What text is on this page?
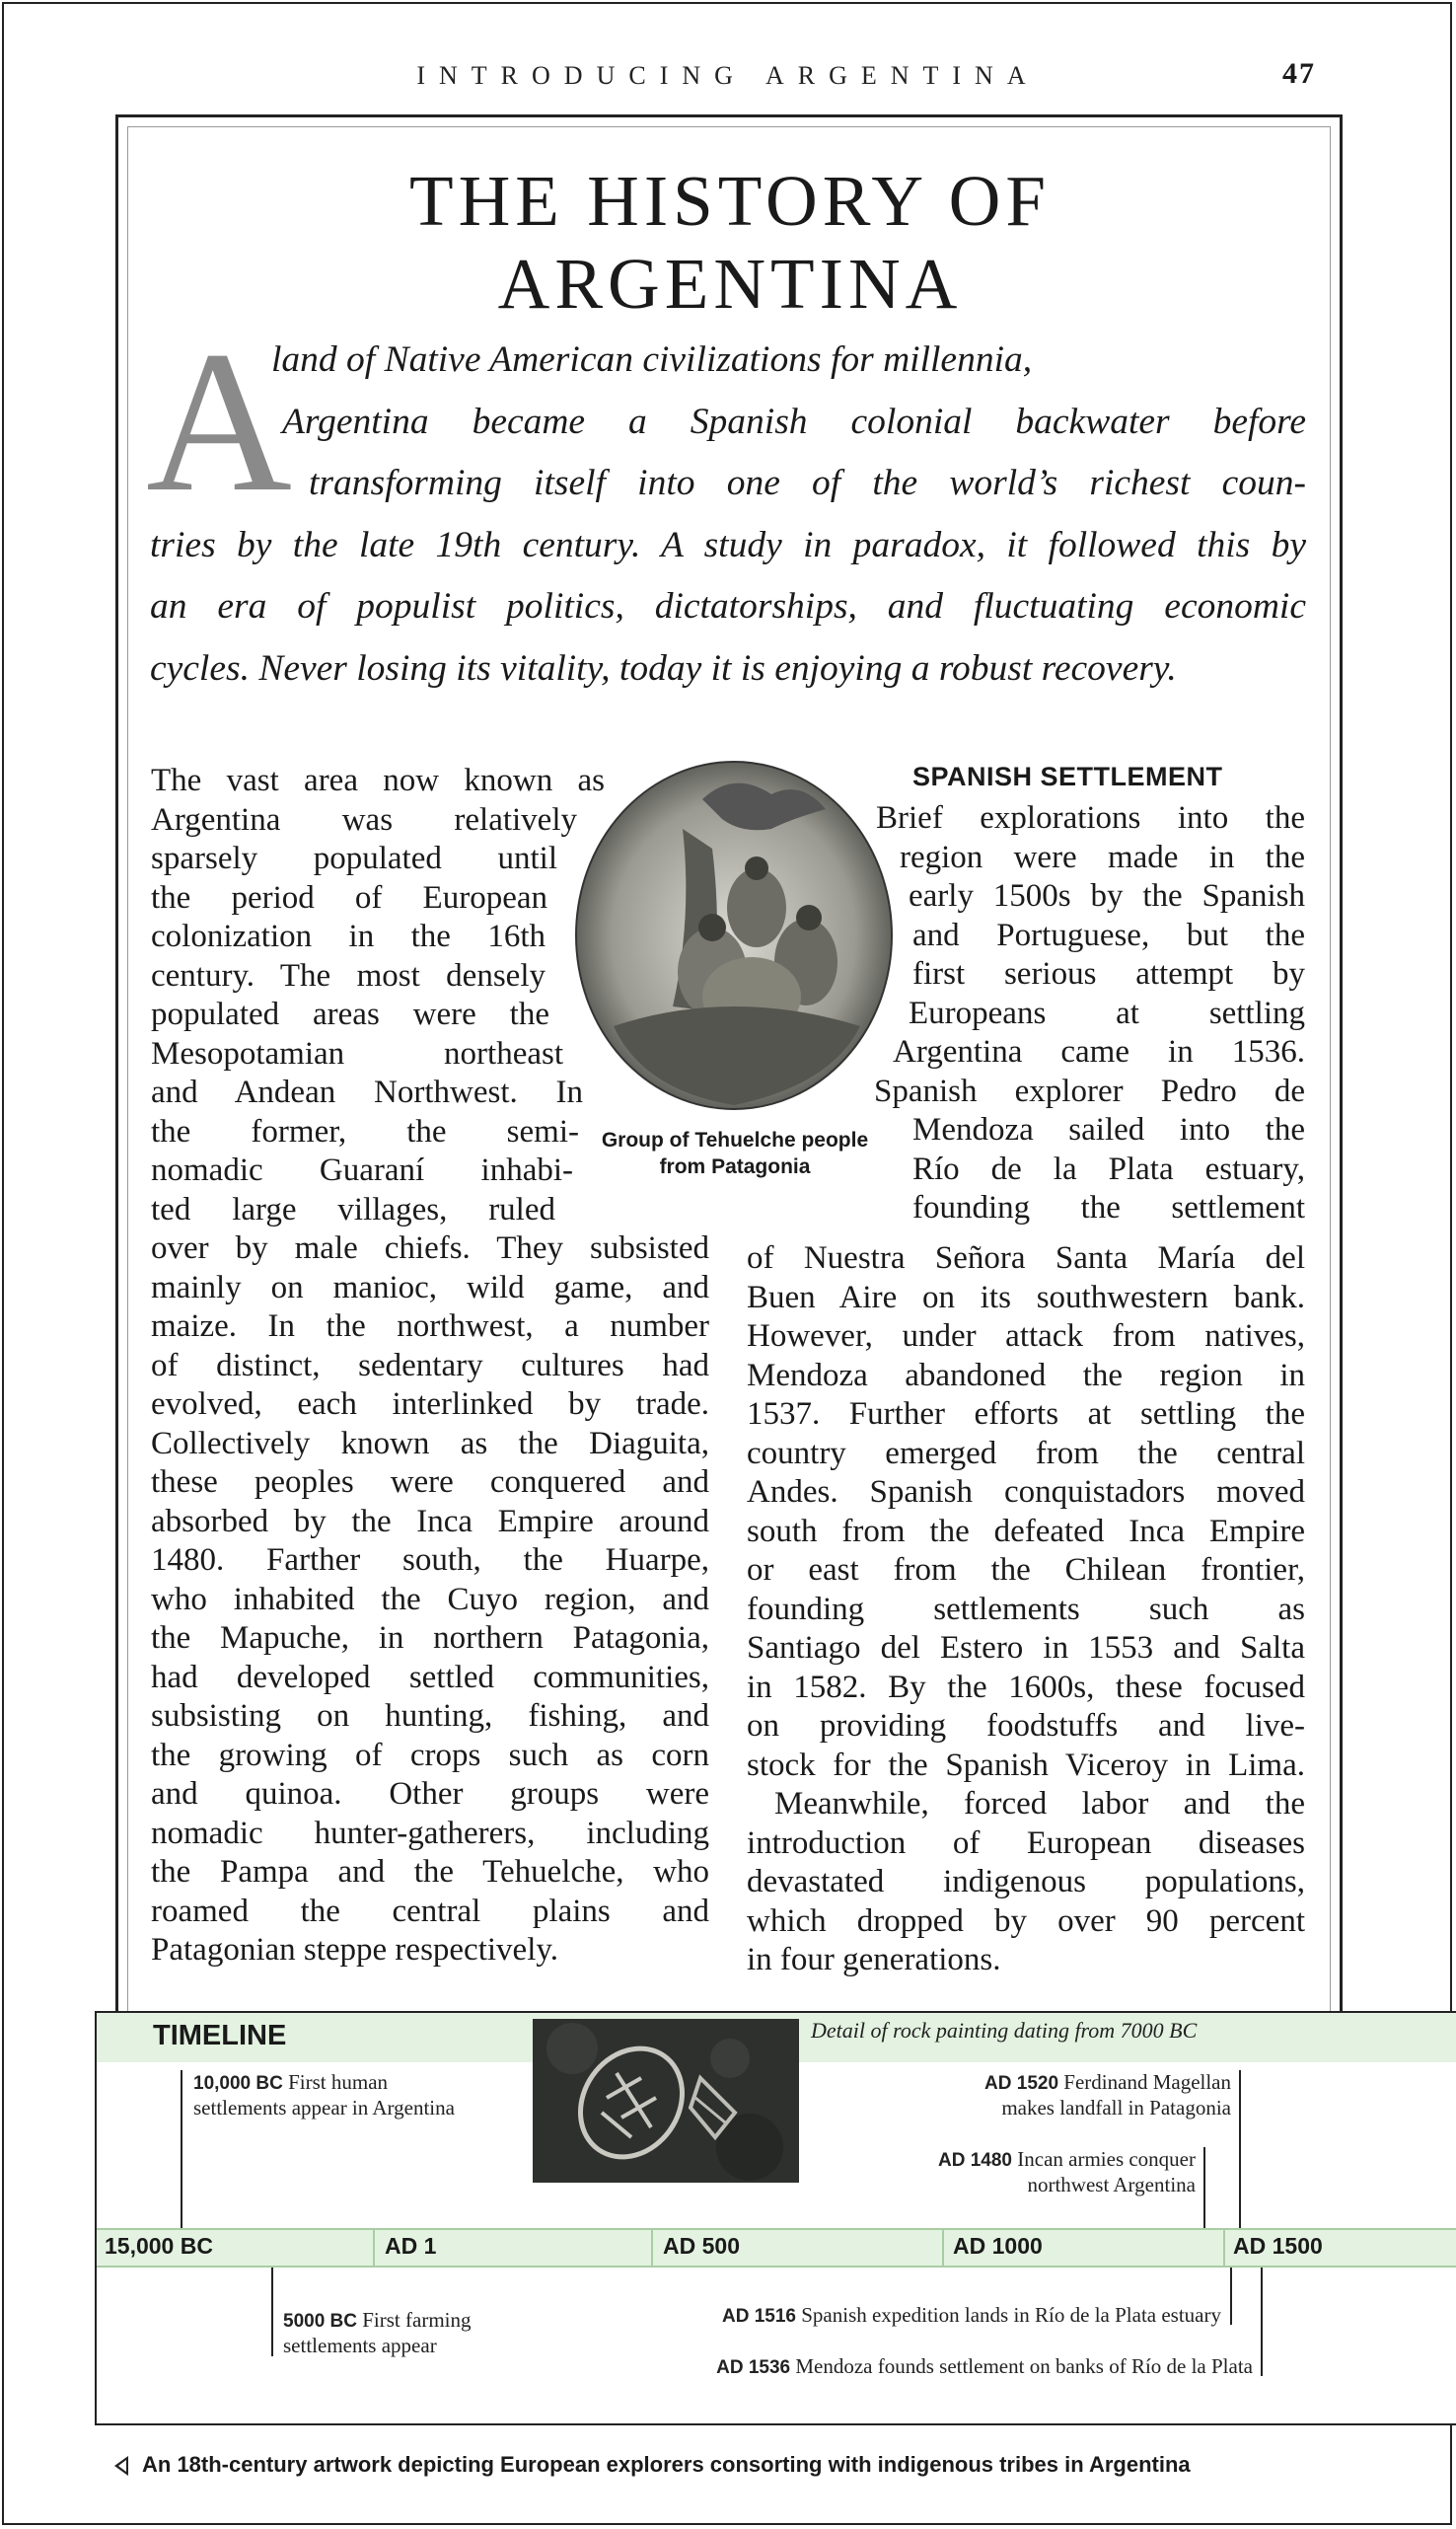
INTRODUCING ARGENTINA	47
THE HISTORY OF
ARGENTINA
A
land of Native American civilizations for millennia,
Argentina became a Spanish colonial backwater before
transforming itself into one of the world’s richest coun-
tries by the late 19th century. A study in paradox, it followed this by
an era of populist politics, dictatorships, and fluctuating economic
cycles. Never losing its vitality, today it is enjoying a robust recovery.
The vast area now known as
Argentina was relatively
sparsely populated until
the period of European
colonization in the 16th
century. The most densely
populated areas were the
Mesopotamian northeast
and Andean Northwest. In
the former, the semi-
nomadic Guaraní inhabi-
ted large villages, ruled
over by male chiefs. They subsisted
mainly on manioc, wild game, and
maize. In the northwest, a number
of distinct, sedentary cultures had
evolved, each interlinked by trade.
Collectively known as the Diaguita,
these peoples were conquered and
absorbed by the Inca Empire around
1480. Farther south, the Huarpe,
who inhabited the Cuyo region, and
the Mapuche, in northern Patagonia,
had developed settled communities,
subsisting on hunting, fishing, and
the growing of crops such as corn
and quinoa. Other groups were
nomadic hunter-gatherers, including
the Pampa and the Tehuelche, who
roamed the central plains and
Patagonian steppe respectively.
Group of Tehuelche people
from Patagonia
SPANISH SETTLEMENT
Brief explorations into the
region were made in the
early 1500s by the Spanish
and Portuguese, but the
first serious attempt by
Europeans at settling
Argentina came in 1536.
Spanish explorer Pedro de
Mendoza sailed into the
Río de la Plata estuary,
founding the settlement
of Nuestra Señora Santa María del
Buen Aire on its southwestern bank.
However, under attack from natives,
Mendoza abandoned the region in
1537. Further efforts at settling the
country emerged from the central
Andes. Spanish conquistadors moved
south from the defeated Inca Empire
or east from the Chilean frontier,
founding settlements such as
Santiago del Estero in 1553 and Salta
in 1582. By the 1600s, these focused
on providing foodstuffs and live-
stock for the Spanish Viceroy in Lima.
Meanwhile, forced labor and the
introduction of European diseases
devastated indigenous populations,
which dropped by over 90 percent
in four generations.
TIMELINE	Detail of rock painting dating from 7000 BC
15,000 BC	AD 1	AD 500	AD 1000	AD 1500
10,000 BC First human
settlements appear in Argentina
5000 BC First farming
settlements appear
AD 1520 Ferdinand Magellan
makes landfall in Patagonia
AD 1480 Incan armies conquer
northwest Argentina
AD 1516 Spanish expedition lands in Río de la Plata estuary
AD 1536 Mendoza founds settlement on banks of Río de la Plata
An 18th-century artwork depicting European explorers consorting with indigenous tribes in Argentina
